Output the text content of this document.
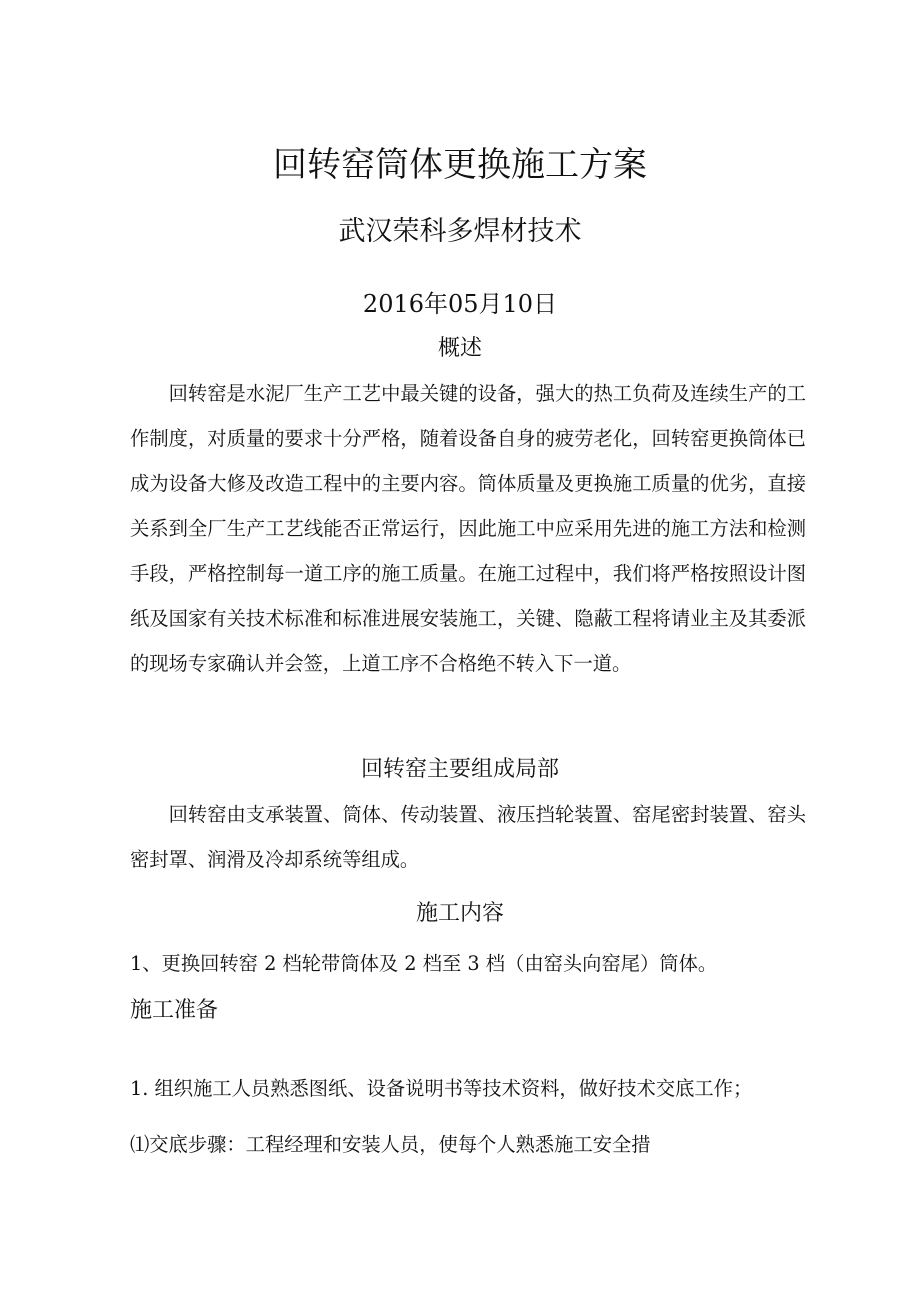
回转窑筒体更换施工方案
武汉荣科多焊材技术
2016年05月10日
概述

回转窑是水泥厂生产工艺中最关键的设备，强大的热工负荷及连续生产的工作制度，对质量的要求十分严格，随着设备自身的疲劳老化，回转窑更换筒体已成为设备大修及改造工程中的主要内容。筒体质量及更换施工质量的优劣，直接关系到全厂生产工艺线能否正常运行，因此施工中应采用先进的施工方法和检测手段，严格控制每一道工序的施工质量。在施工过程中，我们将严格按照设计图纸及国家有关技术标准和标准进展安装施工，关键、隐蔽工程将请业主及其委派的现场专家确认并会签，上道工序不合格绝不转入下一道。

回转窑主要组成局部

回转窑由支承装置、筒体、传动装置、液压挡轮装置、窑尾密封装置、窑头密封罩、润滑及冷却系统等组成。

施工内容
1、更换回转窑 2 档轮带筒体及 2 档至 3 档（由窑头向窑尾）筒体。
施工准备
1. 组织施工人员熟悉图纸、设备说明书等技术资料，做好技术交底工作；
⑴交底步骤：工程经理和安装人员，使每个人熟悉施工安全措
